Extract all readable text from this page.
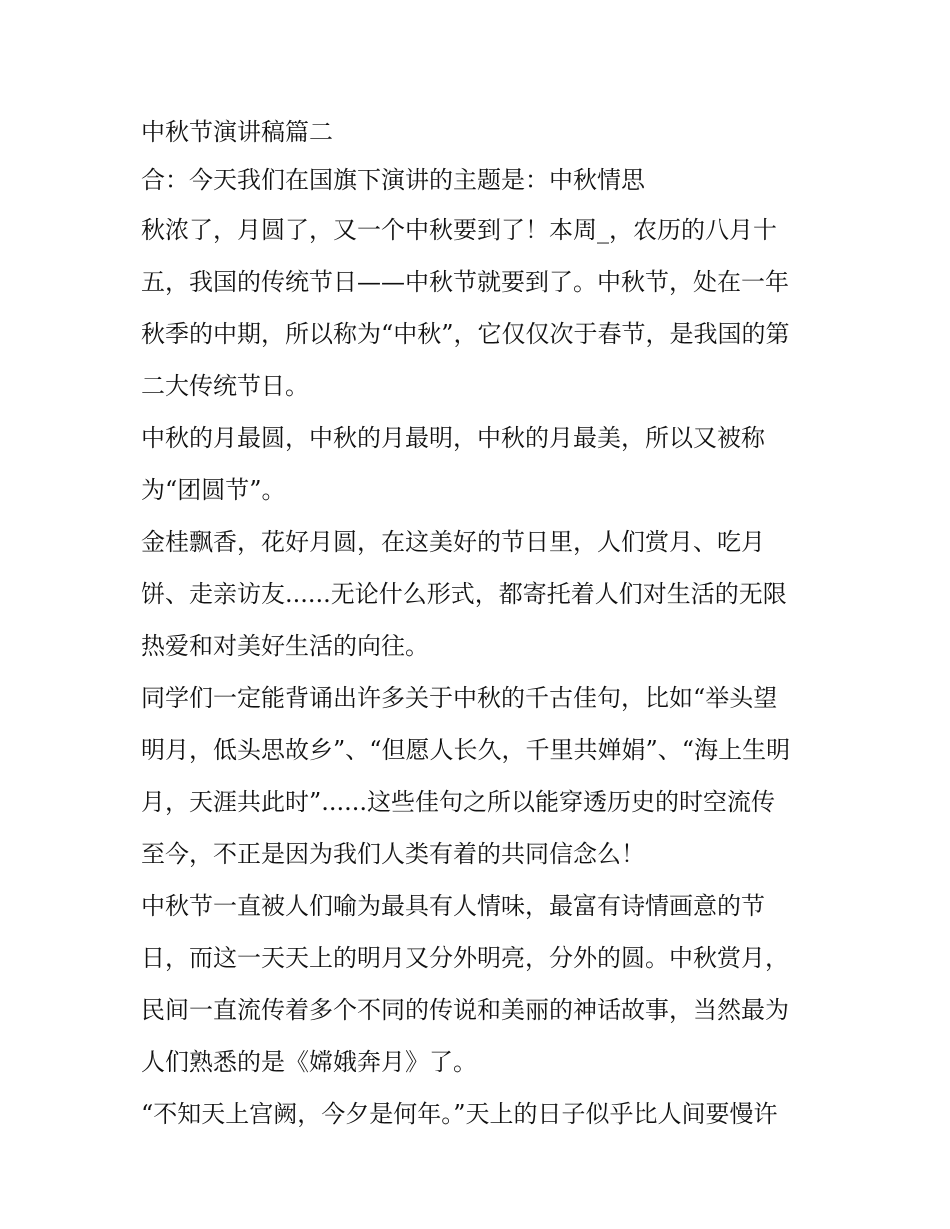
中秋节演讲稿篇二
合：今天我们在国旗下演讲的主题是：中秋情思
秋浓了，月圆了，又一个中秋要到了！本周_，农历的八月十
五，我国的传统节日——中秋节就要到了。中秋节，处在一年
秋季的中期，所以称为“中秋”，它仅仅次于春节，是我国的第
二大传统节日。
中秋的月最圆，中秋的月最明，中秋的月最美，所以又被称
为“团圆节”。
金桂飘香，花好月圆，在这美好的节日里，人们赏月、吃月
饼、走亲访友......无论什么形式，都寄托着人们对生活的无限
热爱和对美好生活的向往。
同学们一定能背诵出许多关于中秋的千古佳句，比如“举头望
明月，低头思故乡”、“但愿人长久，千里共婵娟”、“海上生明
月，天涯共此时”......这些佳句之所以能穿透历史的时空流传
至今，不正是因为我们人类有着的共同信念么！
中秋节一直被人们喻为最具有人情味，最富有诗情画意的节
日，而这一天天上的明月又分外明亮，分外的圆。中秋赏月，
民间一直流传着多个不同的传说和美丽的神话故事，当然最为
人们熟悉的是《嫦娥奔月》了。
“不知天上宫阙，今夕是何年。”天上的日子似乎比人间要慢许
